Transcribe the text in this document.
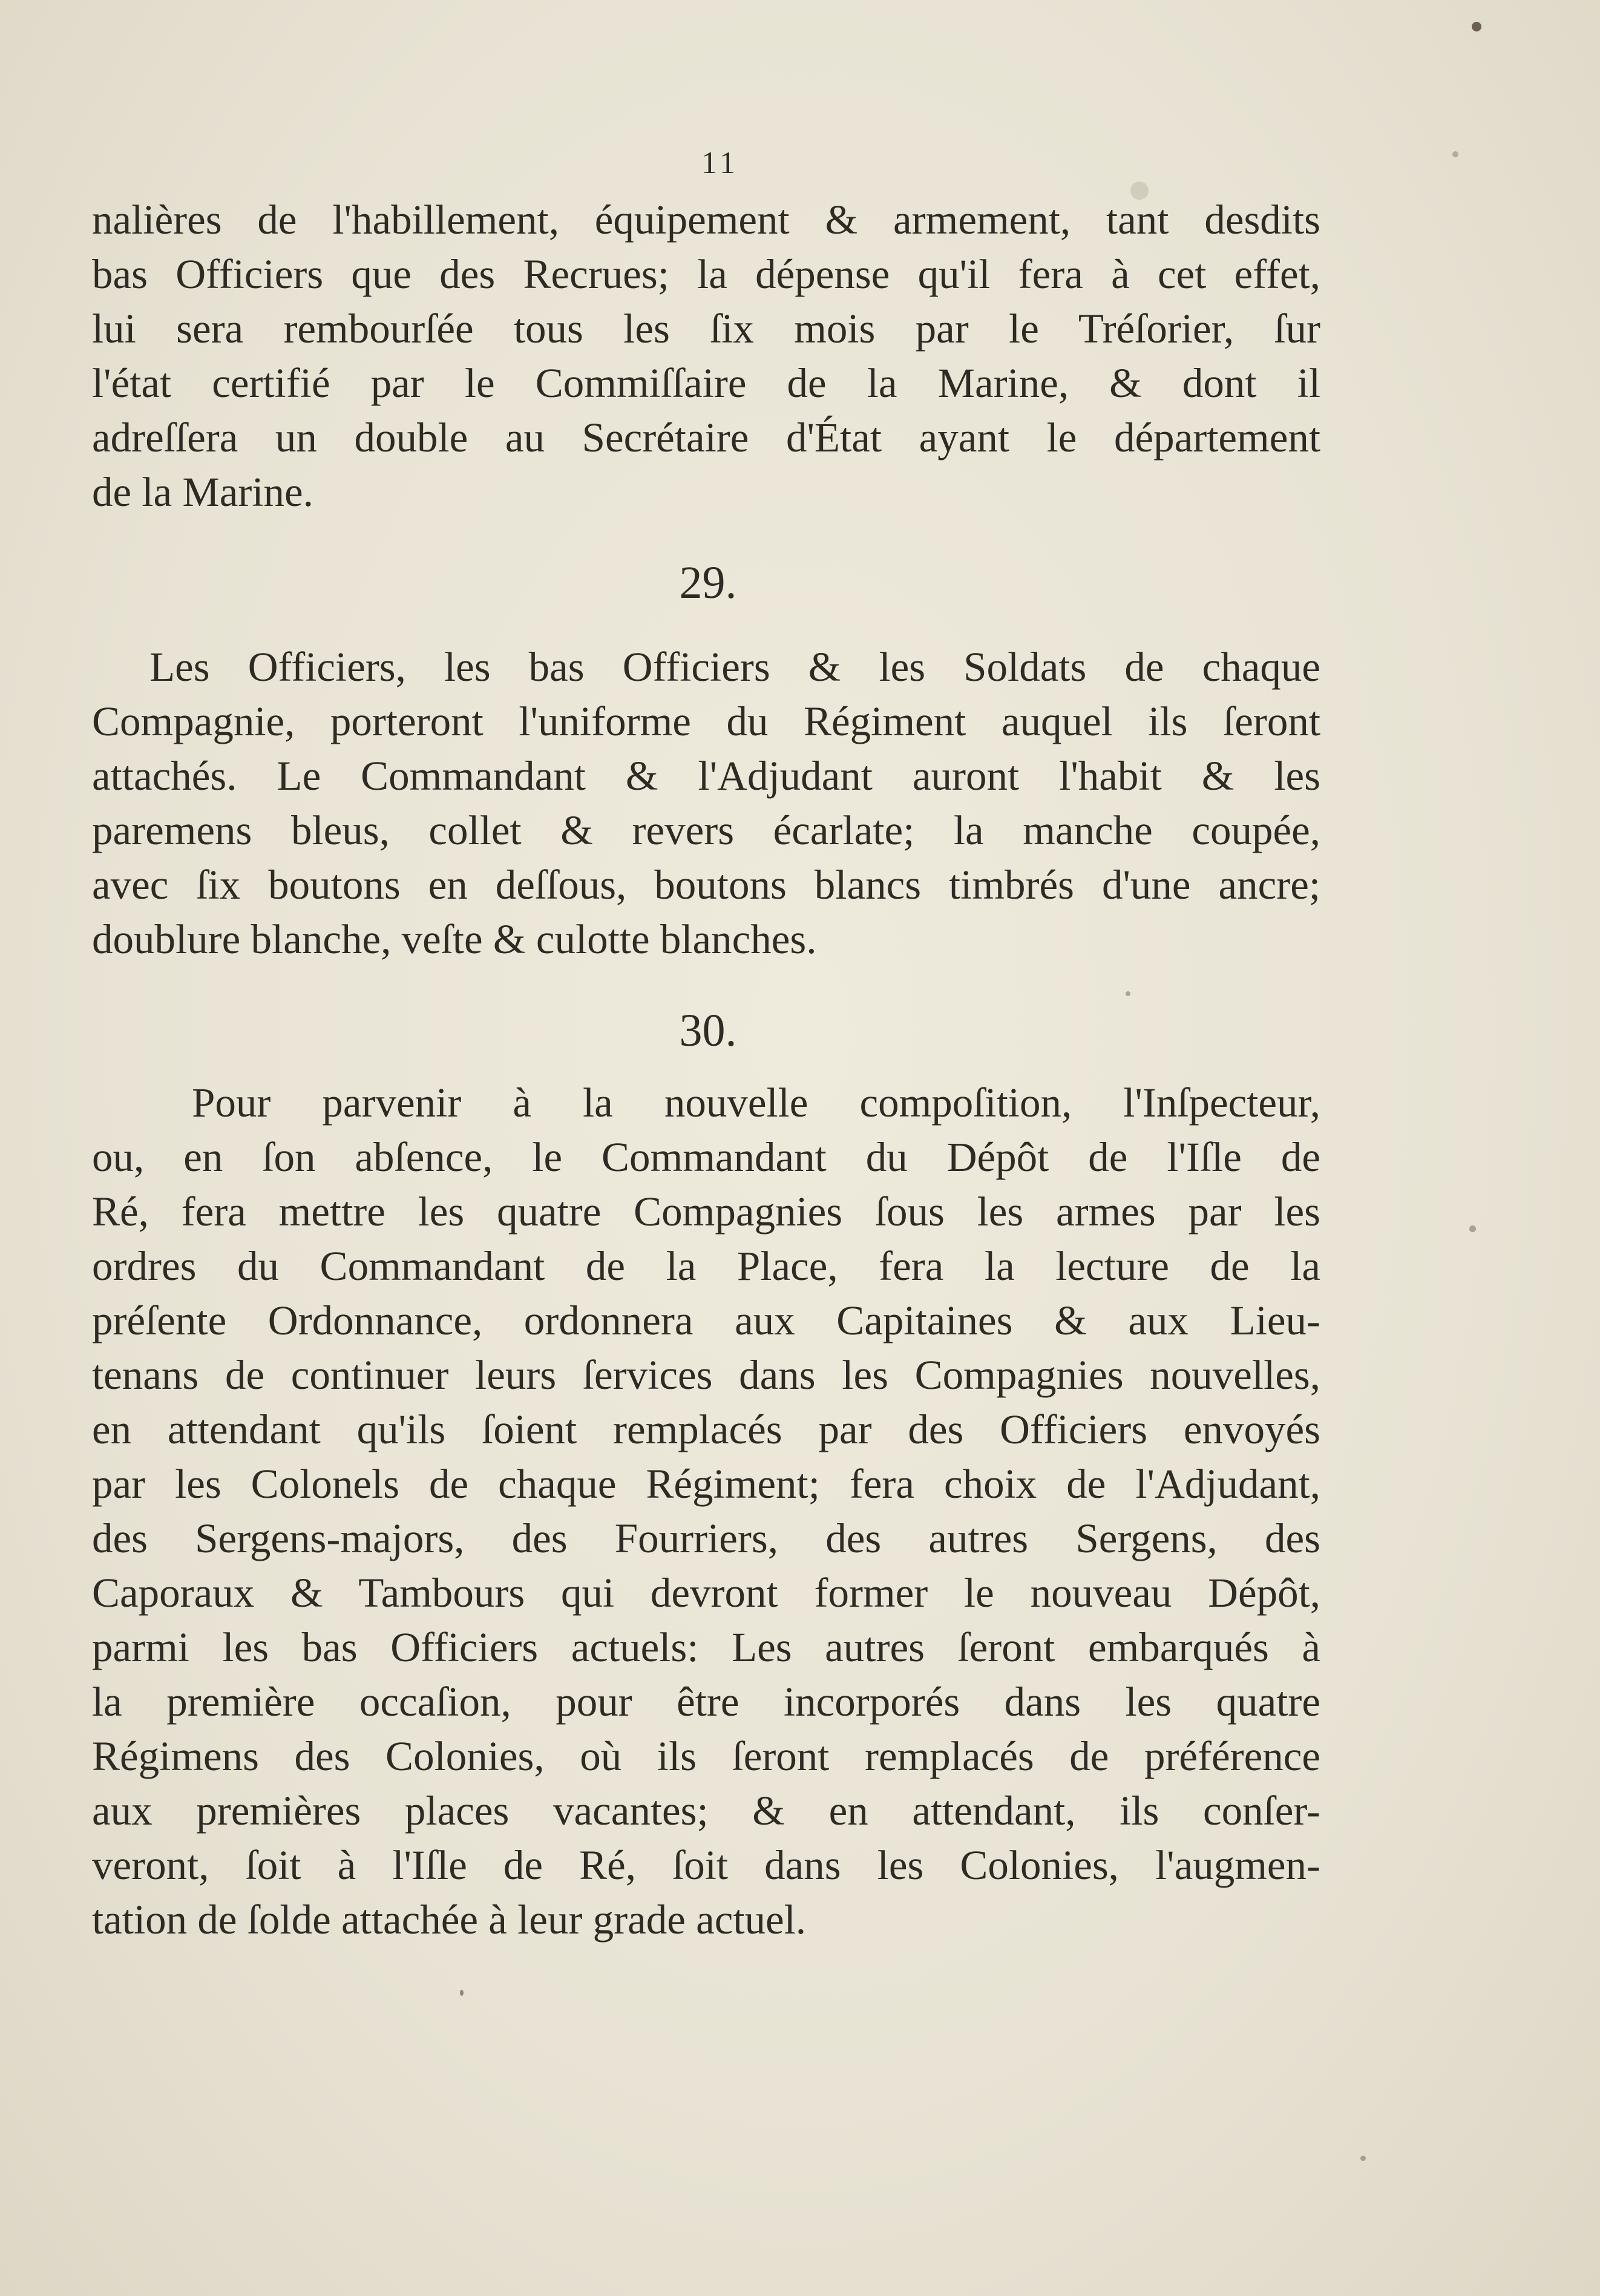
11
nalières de l'habillement, équipement & armement, tant desdits
bas Officiers que des Recrues; la dépense qu'il fera à cet effet,
lui sera rembourſée tous les ſix mois par le Tréſorier, ſur
l'état certifié par le Commiſſaire de la Marine, & dont il
adreſſera un double au Secrétaire d'État ayant le département
de la Marine.
29.
Les Officiers, les bas Officiers & les Soldats de chaque
Compagnie, porteront l'uniforme du Régiment auquel ils ſeront
attachés. Le Commandant & l'Adjudant auront l'habit & les
paremens bleus, collet & revers écarlate; la manche coupée,
avec ſix boutons en deſſous, boutons blancs timbrés d'une ancre;
doublure blanche, veſte & culotte blanches.
30.
Pour parvenir à la nouvelle compoſition, l'Inſpecteur,
ou, en ſon abſence, le Commandant du Dépôt de l'Iſle de
Ré, fera mettre les quatre Compagnies ſous les armes par les
ordres du Commandant de la Place, fera la lecture de la
préſente Ordonnance, ordonnera aux Capitaines & aux Lieu-
tenans de continuer leurs ſervices dans les Compagnies nouvelles,
en attendant qu'ils ſoient remplacés par des Officiers envoyés
par les Colonels de chaque Régiment; fera choix de l'Adjudant,
des Sergens-majors, des Fourriers, des autres Sergens, des
Caporaux & Tambours qui devront former le nouveau Dépôt,
parmi les bas Officiers actuels: Les autres ſeront embarqués à
la première occaſion, pour être incorporés dans les quatre
Régimens des Colonies, où ils ſeront remplacés de préférence
aux premières places vacantes; & en attendant, ils conſer-
veront, ſoit à l'Iſle de Ré, ſoit dans les Colonies, l'augmen-
tation de ſolde attachée à leur grade actuel.
